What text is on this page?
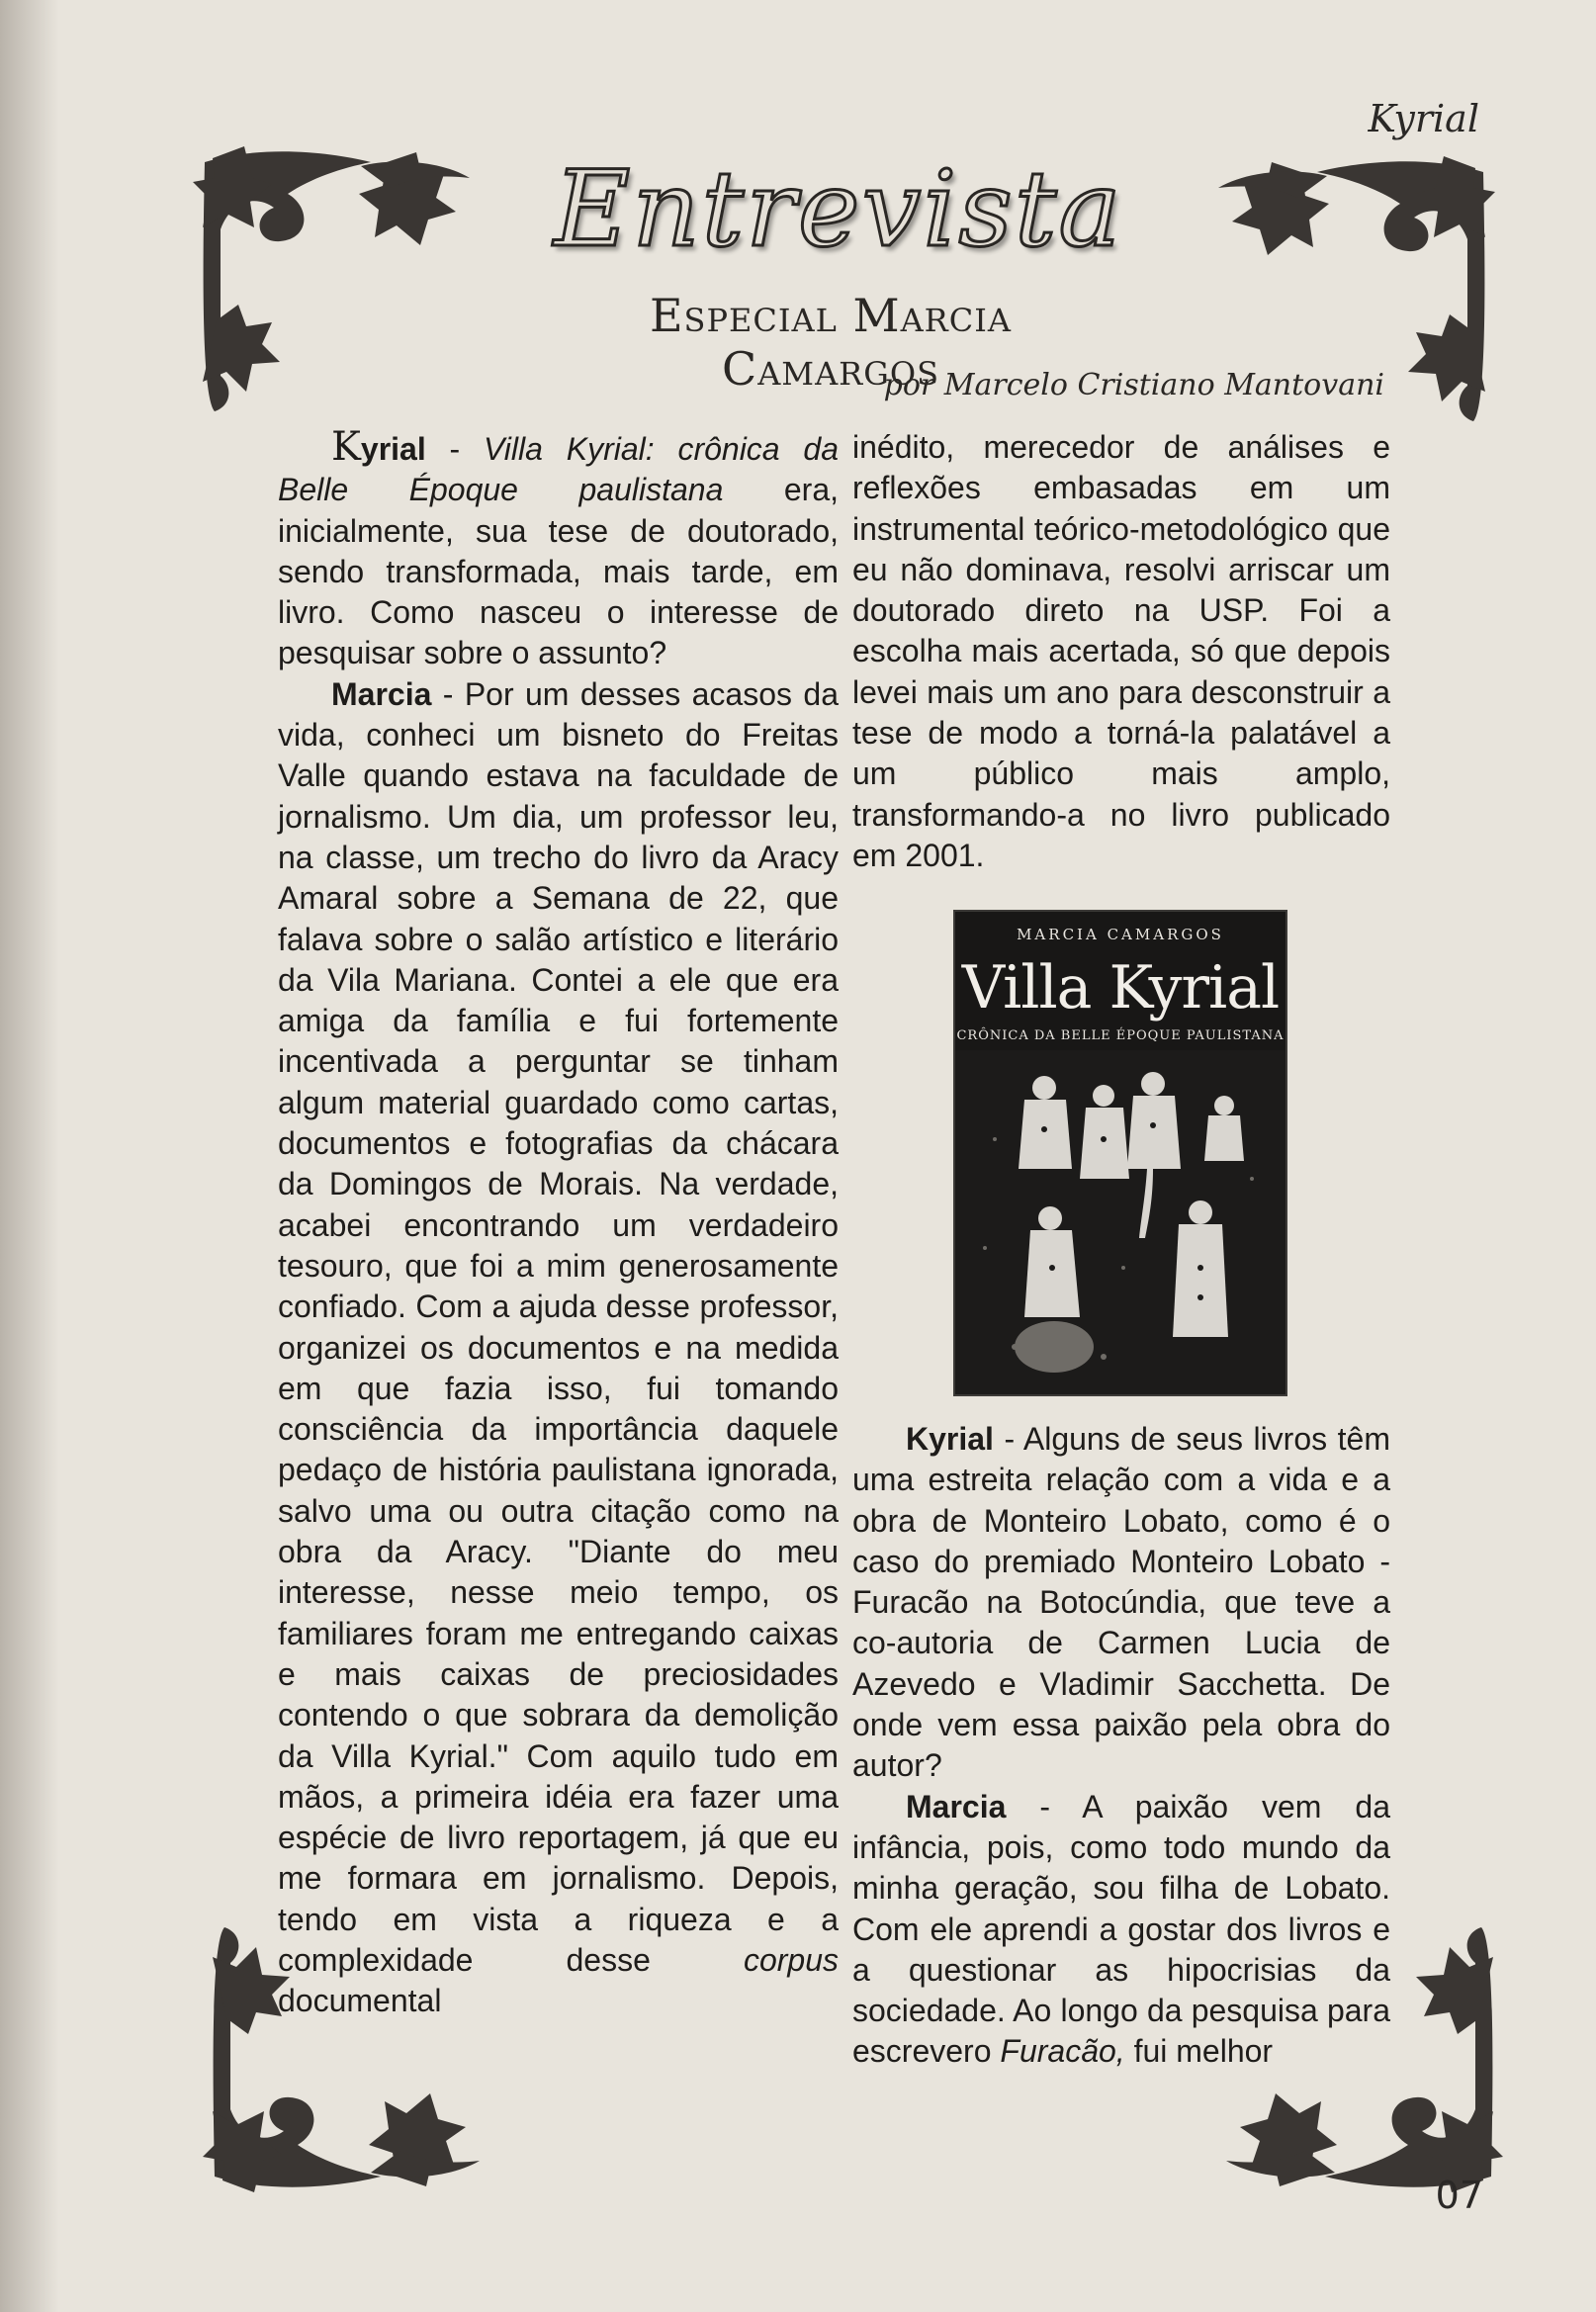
Kyrial
Entrevista
Especial Marcia Camargos
por Marcelo Cristiano Mantovani

Kyrial - Villa Kyrial: crônica da Belle Époque paulistana era, inicialmente, sua tese de doutorado, sendo transformada, mais tarde, em livro. Como nasceu o interesse de pesquisar sobre o assunto?

Marcia - Por um desses acasos da vida, conheci um bisneto do Freitas Valle quando estava na faculdade de jornalismo. Um dia, um professor leu, na classe, um trecho do livro da Aracy Amaral sobre a Semana de 22, que falava sobre o salão artístico e literário da Vila Mariana. Contei a ele que era amiga da família e fui fortemente incentivada a perguntar se tinham algum material guardado como cartas, documentos e fotografias da chácara da Domingos de Morais. Na verdade, acabei encontrando um verdadeiro tesouro, que foi a mim generosamente confiado. Com a ajuda desse professor, organizei os documentos e na medida em que fazia isso, fui tomando consciência da importância daquele pedaço de história paulistana ignorada, salvo uma ou outra citação como na obra da Aracy. "Diante do meu interesse, nesse meio tempo, os familiares foram me entregando caixas e mais caixas de preciosidades contendo o que sobrara da demolição da Villa Kyrial." Com aquilo tudo em mãos, a primeira idéia era fazer uma espécie de livro reportagem, já que eu me formara em jornalismo. Depois, tendo em vista a riqueza e a complexidade desse corpus documental

inédito, merecedor de análises e reflexões embasadas em um instrumental teórico-metodológico que eu não dominava, resolvi arriscar um doutorado direto na USP. Foi a escolha mais acertada, só que depois levei mais um ano para desconstruir a tese de modo a torná-la palatável a um público mais amplo, transformando-a no livro publicado em 2001.

MARCIA CAMARGOS
Villa Kyrial
CRÔNICA DA BELLE ÉPOQUE PAULISTANA

Kyrial - Alguns de seus livros têm uma estreita relação com a vida e a obra de Monteiro Lobato, como é o caso do premiado Monteiro Lobato - Furacão na Botocúndia, que teve a co-autoria de Carmen Lucia de Azevedo e Vladimir Sacchetta. De onde vem essa paixão pela obra do autor?

Marcia - A paixão vem da infância, pois, como todo mundo da minha geração, sou filha de Lobato. Com ele aprendi a gostar dos livros e a questionar as hipocrisias da sociedade. Ao longo da pesquisa para escrevero Furacão, fui melhor

07
